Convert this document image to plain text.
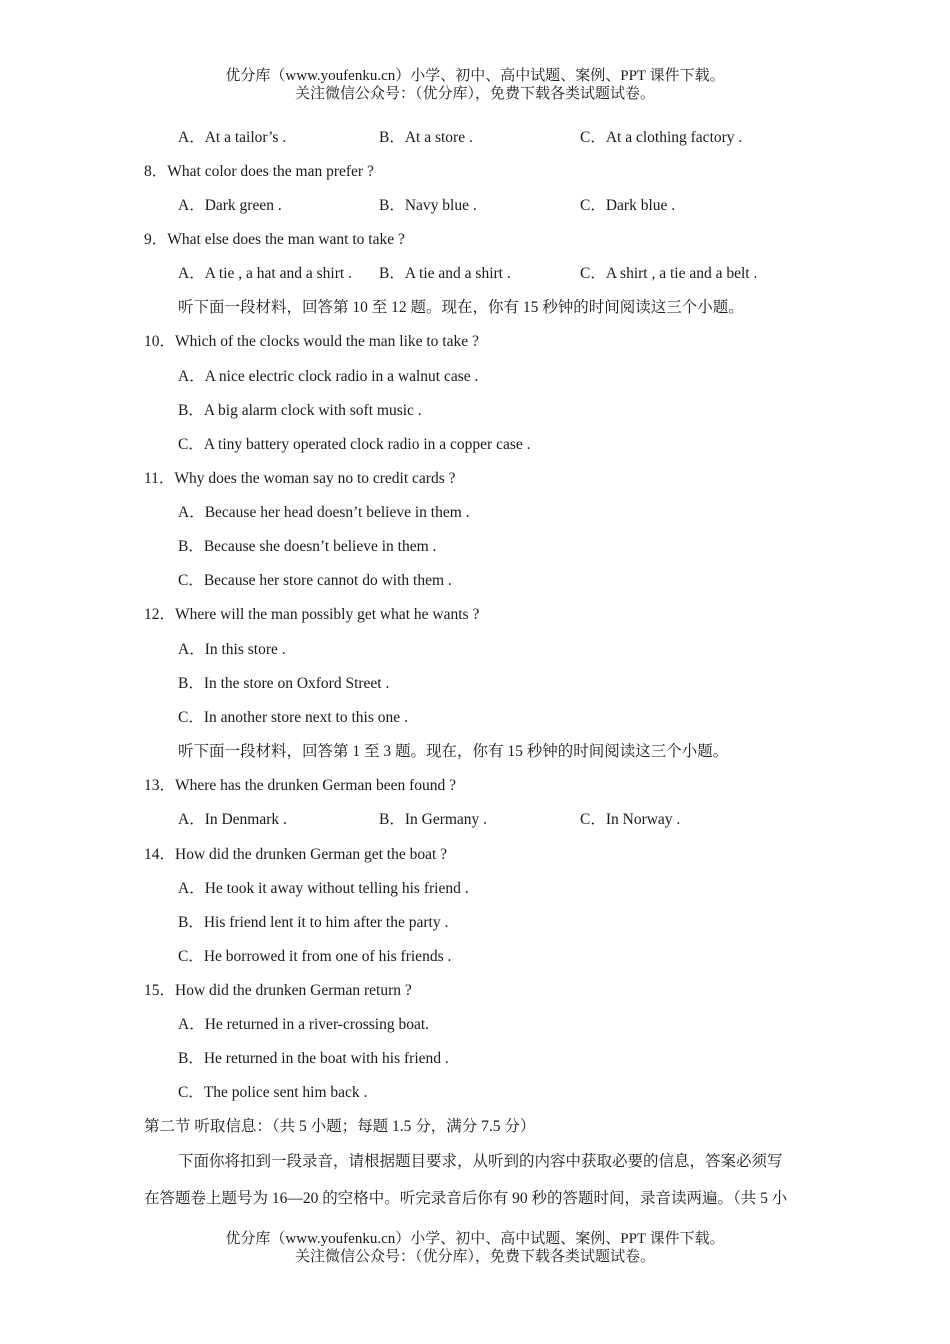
优分库（www.youfenku.cn）小学、初中、高中试题、案例、PPT 课件下载。
关注微信公众号：（优分库），免费下载各类试题试卷。
A．At a tailor’s .	B．At a store .	C．At a clothing factory .
8．What color does the man prefer ?
A．Dark green .	B．Navy blue .	C．Dark blue .
9．What else does the man want to take ?
A．A tie , a hat and a shirt . B．A tie and a shirt .	C．A shirt , a tie and a belt .
听下面一段材料，回答第 10 至 12 题。现在，你有 15 秒钟的时间阅读这三个小题。
10．Which of the clocks would the man like to take ?
A．A nice electric clock radio in a walnut case .
B．A big alarm clock with soft music .
C．A tiny battery operated clock radio in a copper case .
11．Why does the woman say no to credit cards ?
A．Because her head doesn’t believe in them .
B．Because she doesn’t believe in them .
C．Because her store cannot do with them .
12．Where will the man possibly get what he wants ?
A．In this store .
B．In the store on Oxford Street .
C．In another store next to this one .
听下面一段材料，回答第 1 至 3 题。现在，你有 15 秒钟的时间阅读这三个小题。
13．Where has the drunken German been found ?
A．In Denmark .	B．In Germany .	C．In Norway .
14．How did the drunken German get the boat ?
A．He took it away without telling his friend .
B．His friend lent it to him after the party .
C．He borrowed it from one of his friends .
15．How did the drunken German return ?
A．He returned in a river-crossing boat.
B．He returned in the boat with his friend .
C．The police sent him back .
第二节 听取信息：（共 5 小题；每题 1.5 分，满分 7.5 分）
下面你将扣到一段录音，请根据题目要求，从听到的内容中获取必要的信息，答案必须写
在答题卷上题号为 16—20 的空格中。听完录音后你有 90 秒的答题时间，录音读两遍。（共 5 小
优分库（www.youfenku.cn）小学、初中、高中试题、案例、PPT 课件下载。
关注微信公众号：（优分库），免费下载各类试题试卷。
